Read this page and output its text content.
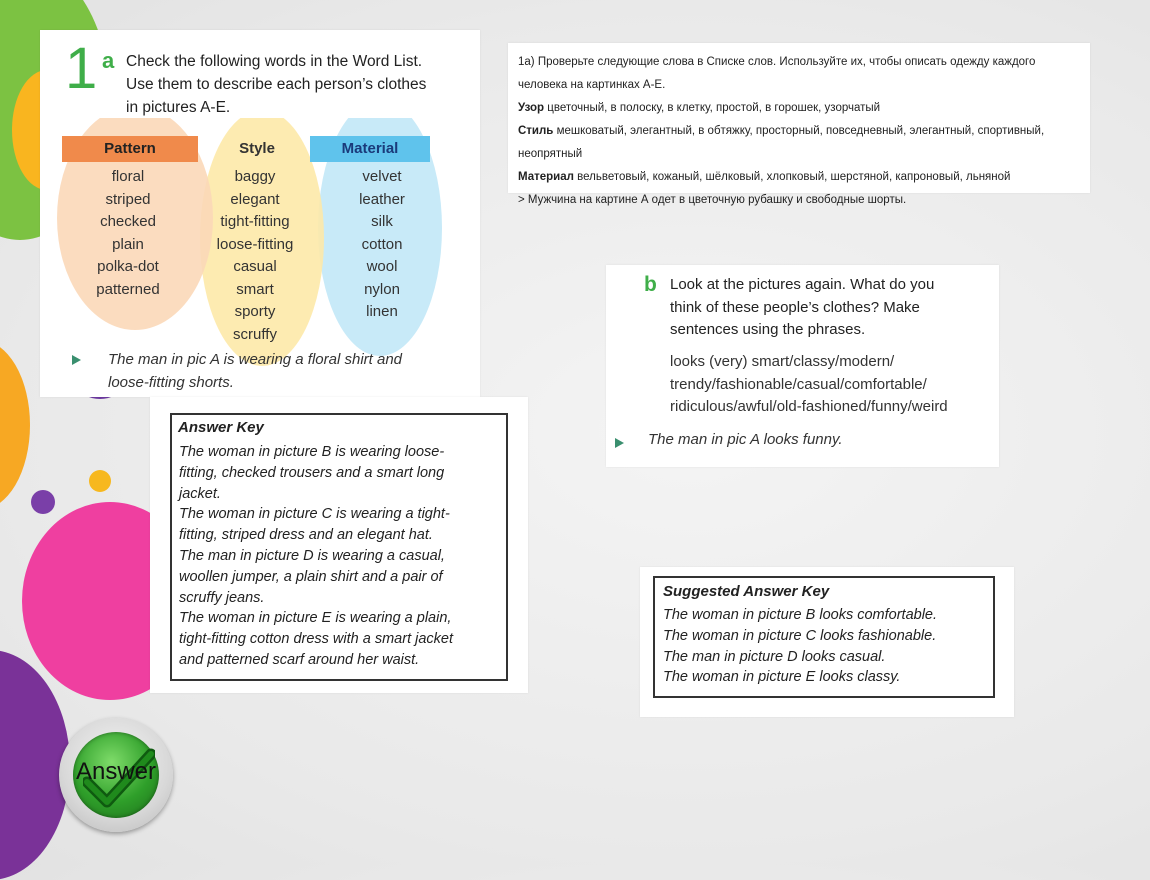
1 a Check the following words in the Word List.
Use them to describe each person’s clothes
in pictures A-E.
Pattern	Style	Material
floral
striped
checked
plain
polka-dot
patterned
baggy
elegant
tight-fitting
loose-fitting
casual
smart
sporty
scruffy
velvet
leather
silk
cotton
wool
nylon
linen
The man in pic A is wearing a floral shirt and
loose-fitting shorts.
Answer Key
The woman in picture B is wearing loose-
fitting, checked trousers and a smart long
jacket.
The woman in picture C is wearing a tight-
fitting, striped dress and an elegant hat.
The man in picture D is wearing a casual,
woollen jumper, a plain shirt and a pair of
scruffy jeans.
The woman in picture E is wearing a plain,
tight-fitting cotton dress with a smart jacket
and patterned scarf around her waist.
1a) Проверьте следующие слова в Списке слов. Используйте их, чтобы описать одежду каждого
человека на картинках А-Е.
Узор цветочный, в полоску, в клетку, простой, в горошек, узорчатый
Стиль мешковатый, элегантный, в обтяжку, просторный, повседневный, элегантный, спортивный, неопрятный
Материал вельветовый, кожаный, шёлковый, хлопковый, шерстяной, капроновый, льняной
> Мужчина на картине А одет в цветочную рубашку и свободные шорты.
b Look at the pictures again. What do you
think of these people’s clothes? Make
sentences using the phrases.
looks (very) smart/classy/modern/
trendy/fashionable/casual/comfortable/
ridiculous/awful/old-fashioned/funny/weird
The man in pic A looks funny.
Suggested Answer Key
The woman in picture B looks comfortable.
The woman in picture C looks fashionable.
The man in picture D looks casual.
The woman in picture E looks classy.
Answer
